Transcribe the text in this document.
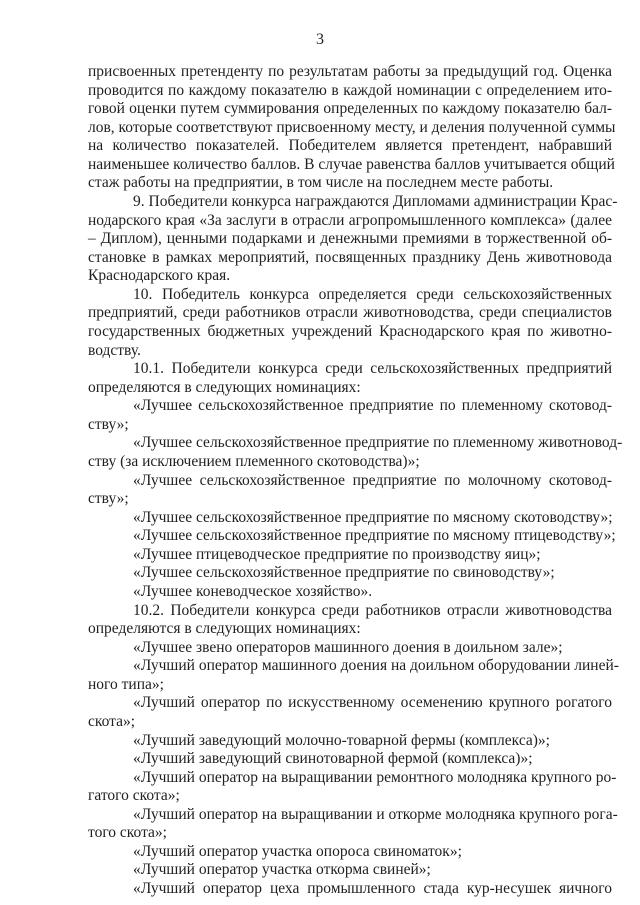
3
присвоенных претенденту по результатам работы за предыдущий год. Оценка
проводится по каждому показателю в каждой номинации с определением ито-
говой оценки путем суммирования определенных по каждому показателю бал-
лов, которые соответствуют присвоенному месту, и деления полученной суммы
на количество показателей. Победителем является претендент, набравший
наименьшее количество баллов. В случае равенства баллов учитывается общий
стаж работы на предприятии, в том числе на последнем месте работы.
9. Победители конкурса награждаются Дипломами администрации Крас-
нодарского края «За заслуги в отрасли агропромышленного комплекса» (далее
– Диплом), ценными подарками и денежными премиями в торжественной об-
становке в рамках мероприятий, посвященных празднику День животновода
Краснодарского края.
10. Победитель конкурса определяется среди сельскохозяйственных
предприятий, среди работников отрасли животноводства, среди специалистов
государственных бюджетных учреждений Краснодарского края по животно-
водству.
10.1. Победители конкурса среди сельскохозяйственных предприятий
определяются в следующих номинациях:
«Лучшее сельскохозяйственное предприятие по племенному скотовод-
ству»;
«Лучшее сельскохозяйственное предприятие по племенному животновод-
ству (за исключением племенного скотоводства)»;
«Лучшее сельскохозяйственное предприятие по молочному скотовод-
ству»;
«Лучшее сельскохозяйственное предприятие по мясному скотоводству»;
«Лучшее сельскохозяйственное предприятие по мясному птицеводству»;
«Лучшее птицеводческое предприятие по производству яиц»;
«Лучшее сельскохозяйственное предприятие по свиноводству»;
«Лучшее коневодческое хозяйство».
10.2. Победители конкурса среди работников отрасли животноводства
определяются в следующих номинациях:
«Лучшее звено операторов машинного доения в доильном зале»;
«Лучший оператор машинного доения на доильном оборудовании линей-
ного типа»;
«Лучший оператор по искусственному осеменению крупного рогатого
скота»;
«Лучший заведующий молочно-товарной фермы (комплекса)»;
«Лучший заведующий свинотоварной фермой (комплекса)»;
«Лучший оператор на выращивании ремонтного молодняка крупного ро-
гатого скота»;
«Лучший оператор на выращивании и откорме молодняка крупного рога-
того скота»;
«Лучший оператор участка опороса свиноматок»;
«Лучший оператор участка откорма свиней»;
«Лучший оператор цеха промышленного стада кур-несушек яичного
